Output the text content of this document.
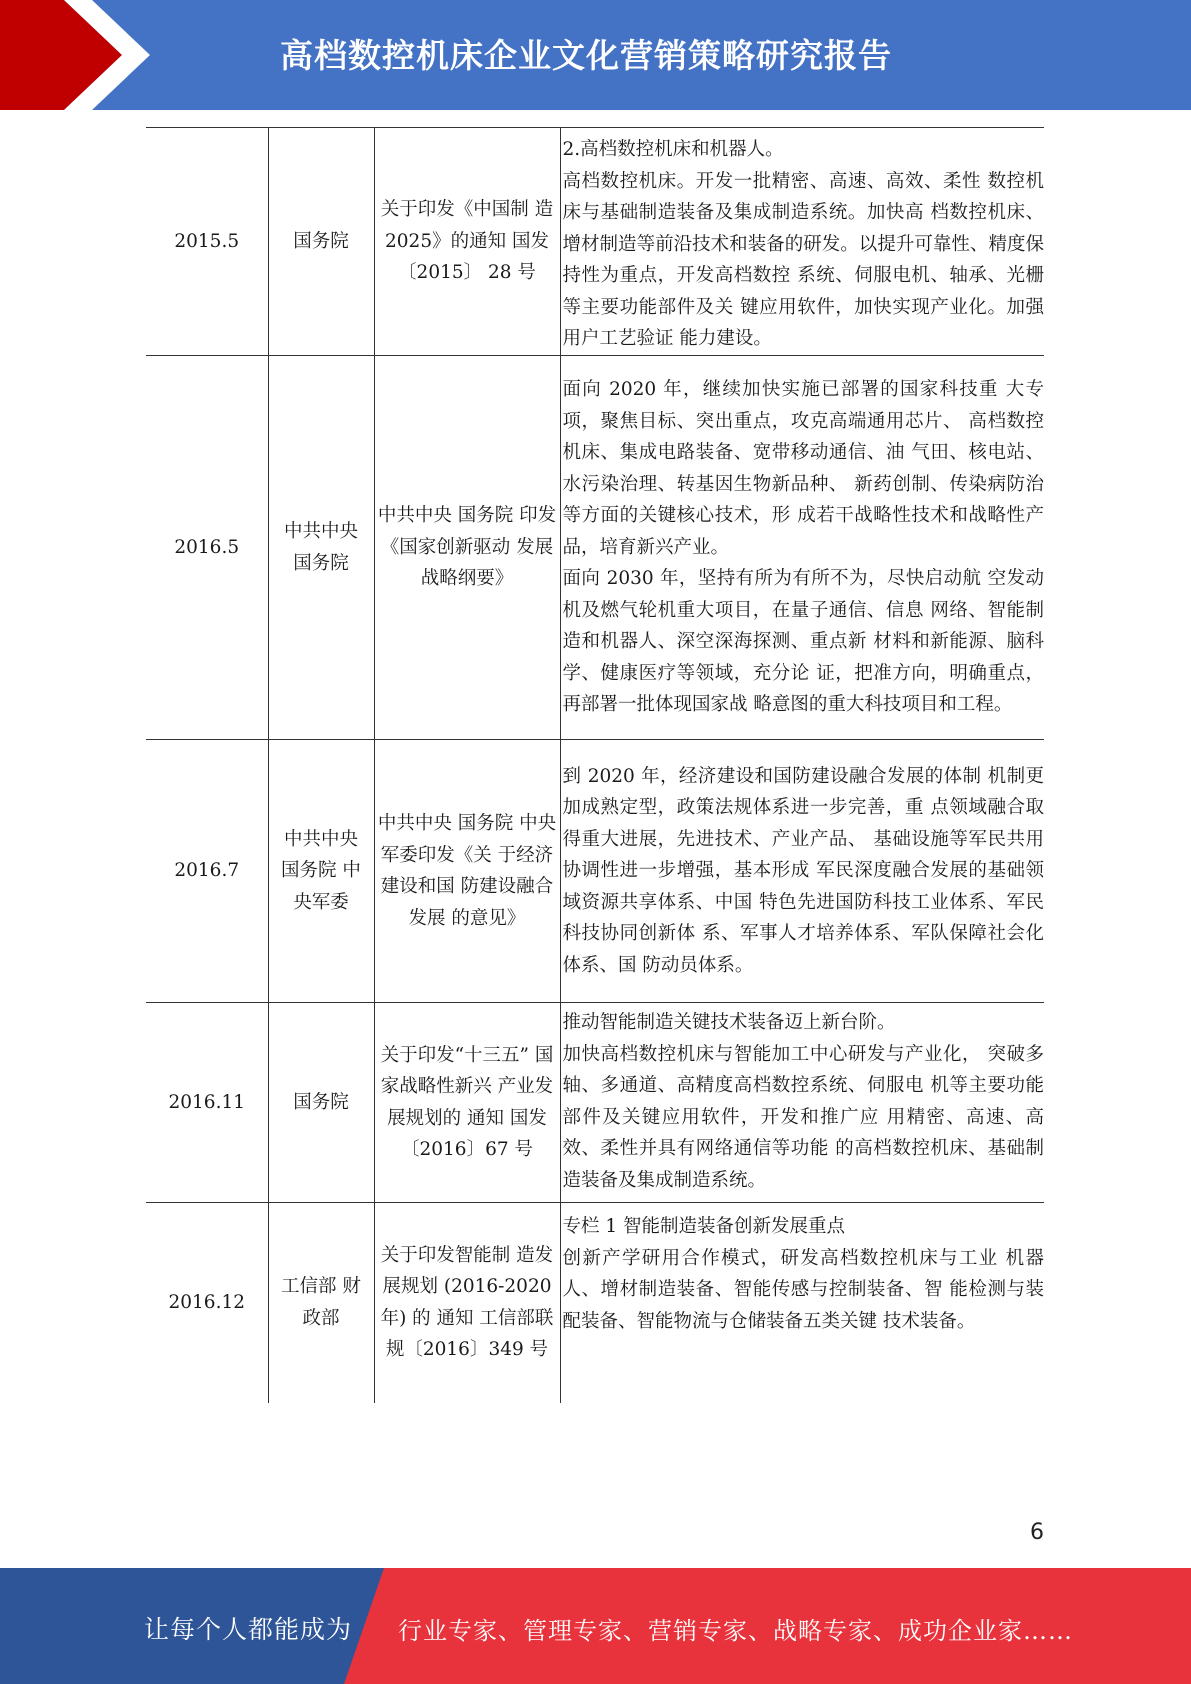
高档数控机床企业文化营销策略研究报告
2015.5	国务院	关于印发《中国制 造2025》的通知 国发〔2015〕 28 号	2.高档数控机床和机器人。

高档数控机床。开发一批精密、高速、高效、柔性 数控机床与基础制造装备及集成制造系统。加快高 档数控机床、增材制造等前沿技术和装备的研发。以提升可靠性、精度保持性为重点，开发高档数控 系统、伺服电机、轴承、光栅等主要功能部件及关 键应用软件，加快实现产业化。加强用户工艺验证 能力建设。

2016.5	中共中央 国务院	中共中央 国务院 印发 《国家创新驱动 发展战略纲要》	面向 2020 年，继续加快实施已部署的国家科技重 大专项，聚焦目标、突出重点，攻克高端通用芯片、 高档数控机床、集成电路装备、宽带移动通信、油 气田、核电站、水污染治理、转基因生物新品种、 新药创制、传染病防治等方面的关键核心技术，形 成若干战略性技术和战略性产品，培育新兴产业。

面向 2030 年，坚持有所为有所不为，尽快启动航 空发动机及燃气轮机重大项目，在量子通信、信息 网络、智能制造和机器人、深空深海探测、重点新 材料和新能源、脑科学、健康医疗等领域，充分论 证，把准方向，明确重点，再部署一批体现国家战 略意图的重大科技项目和工程。

2016.7	中共中央 国务院 中央军委	中共中央 国务院 中央军委印发《关 于经济建设和国 防建设融合发展 的意见》	到 2020 年，经济建设和国防建设融合发展的体制 机制更加成熟定型，政策法规体系进一步完善，重 点领域融合取得重大进展，先进技术、产业产品、 基础设施等军民共用协调性进一步增强，基本形成 军民深度融合发展的基础领域资源共享体系、中国 特色先进国防科技工业体系、军民科技协同创新体 系、军事人才培养体系、军队保障社会化体系、国 防动员体系。

2016.11	国务院	关于印发“十三五” 国家战略性新兴 产业发展规划的 通知 国发〔2016〕67 号	推动智能制造关键技术装备迈上新台阶。

加快高档数控机床与智能加工中心研发与产业化， 突破多轴、多通道、高精度高档数控系统、伺服电 机等主要功能部件及关键应用软件，开发和推广应 用精密、高速、高效、柔性并具有网络通信等功能 的高档数控机床、基础制造装备及集成制造系统。

2016.12	工信部 财政部	关于印发智能制 造发展规划 (2016-2020 年) 的 通知 工信部联规〔2016〕349 号	专栏 1 智能制造装备创新发展重点

创新产学研用合作模式，研发高档数控机床与工业 机器人、增材制造装备、智能传感与控制装备、智 能检测与装配装备、智能物流与仓储装备五类关键 技术装备。

6
让每个人都能成为 行业专家、管理专家、营销专家、战略专家、成功企业家……
